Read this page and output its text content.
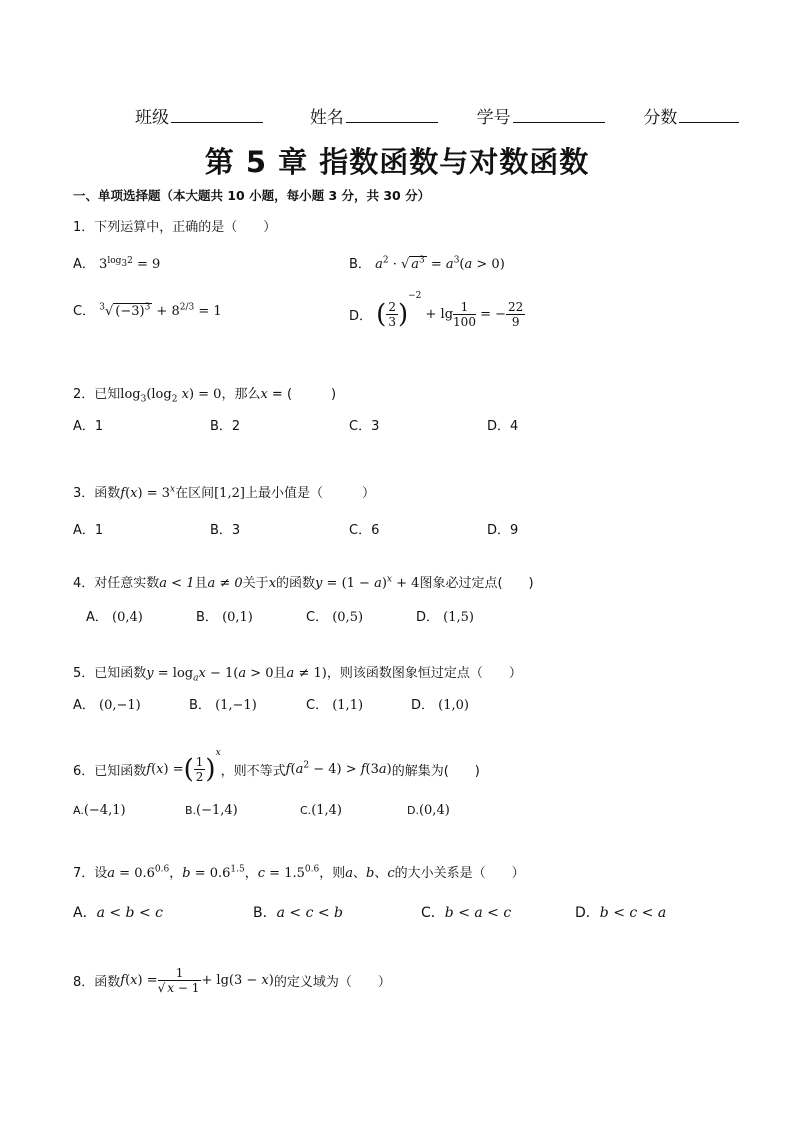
班级	姓名	学号	分数
第 5 章 指数函数与对数函数
一、单项选择题（本大题共 10 小题，每小题 3 分，共 30 分）
1．下列运算中，正确的是（　　）
A． $3^{log_32} = 9$	B． $a^2$ · √ $a^3 = a^3(a > 0)$
C． $^3$√ $(-3)^3 + 8^{2/3} = 1$	D． ( $\frac{2}{3} )^{-2} + \lg \frac{1}{100}$ = − $\frac{22}{9}$
2．已知$\log_3(\log_2$ x) = 0，那么x = (　　　)
A．1	B．2	C．3	D．4
3．函数$f(x) = 3^x$在区间[1,2]上最小值是（　　　）
A．1	B．3	C．6	D．9
4．对任意实数a < 1且a ≠ 0关于x的函数$y = (1 - a)^x + 4$图象必过定点(　　)
A． (0,4)	B． (0,1)	C． (0,5)	D． (1,5)
5．已知函数$y = \log_ax - 1(a > 0$且a ≠ 1)，则该函数图象恒过定点（　　）
A． (0,−1)	B． (1,−1)	C． (1,1)	D． (1,0)
6．已知函数f(x) =( $\frac{1}{2} )^x$，则不等式$f(a^2 - 4) > f(3a)$的解集为(　　)
A.(−4,1)	B.(−1,4)	C.(1,4)	D.(0,4)
7．设$a = 0.6^{0.6}$，$b = 0.6^{1.5}$，$c = 1.5^{0.6}$，则a、b、c的大小关系是（　　）
A．a < b < c	B．a < c < b	C．b < a < c	D．b < c < a
8．函数$f(x) = \frac{1}{√ x - 1} + \lg(3 - x)$的定义域为（　　）
